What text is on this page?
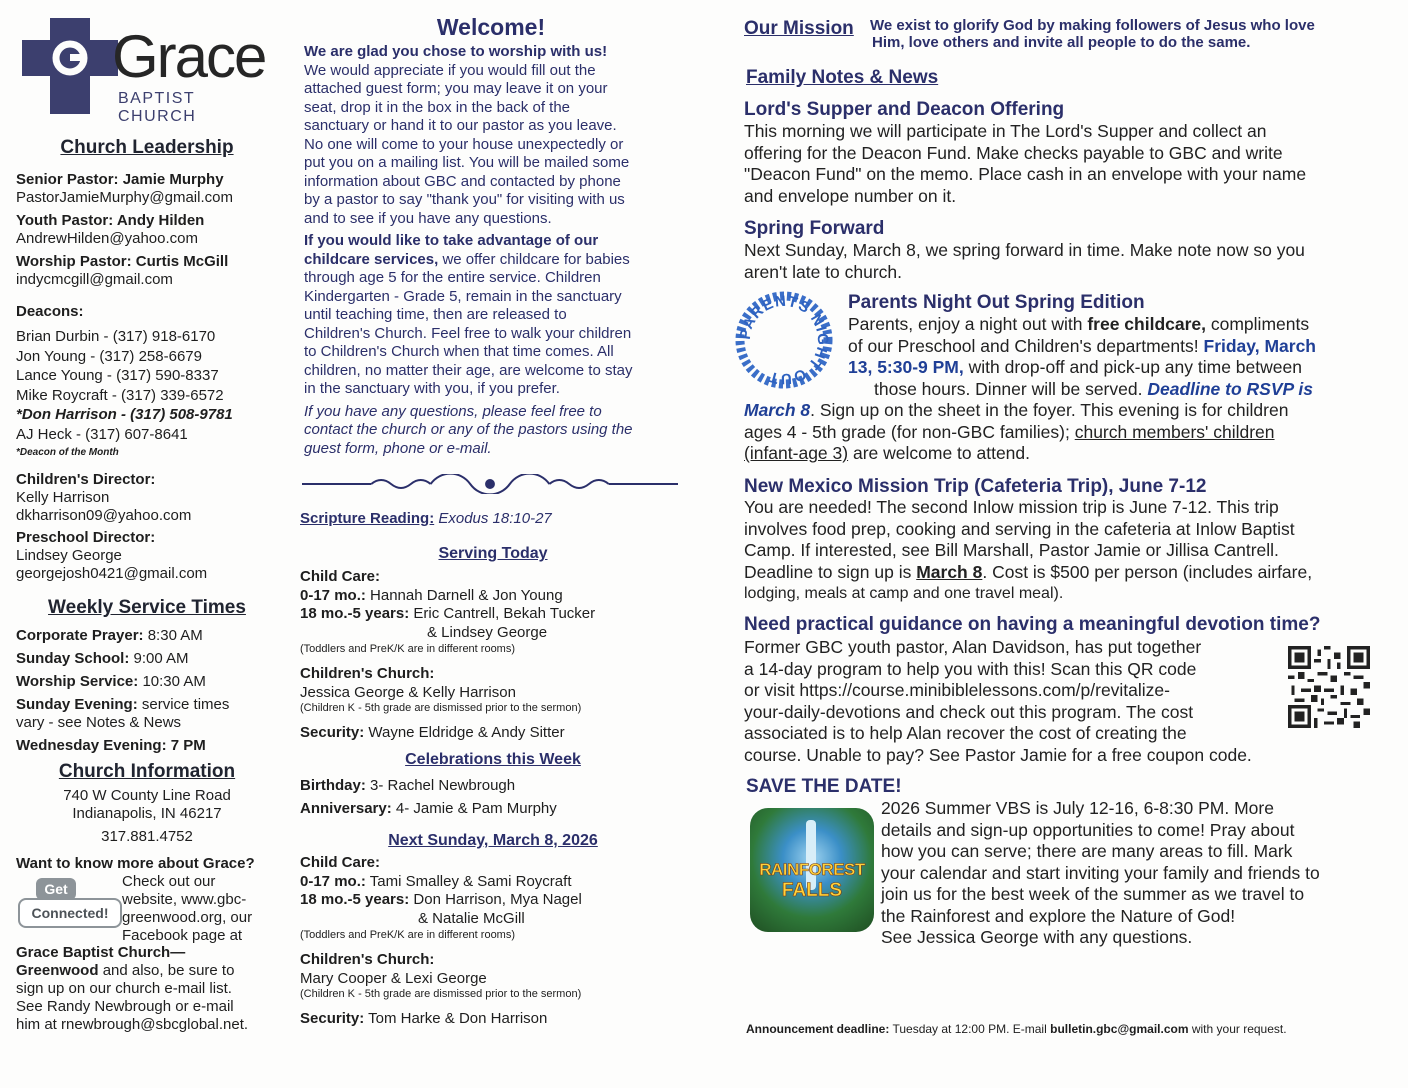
Grace
BAPTIST CHURCH
Church Leadership

Senior Pastor: Jamie Murphy

PastorJamieMurphy@gmail.com

Youth Pastor: Andy Hilden

AndrewHilden@yahoo.com

Worship Pastor: Curtis McGill

indycmcgill@gmail.com

Deacons:

Brian Durbin - (317) 918-6170

Jon Young - (317) 258-6679

Lance Young - (317) 590-8337

Mike Roycraft - (317) 339-6572

*Don Harrison - (317) 508-9781

AJ Heck - (317) 607-8641

*Deacon of the Month

Children's Director:

Kelly Harrison

dkharrison09@yahoo.com

Preschool Director:

Lindsey George

georgejosh0421@gmail.com

Weekly Service Times

Corporate Prayer: 8:30 AM

Sunday School: 9:00 AM

Worship Service: 10:30 AM

Sunday Evening: service times

vary - see Notes & News

Wednesday Evening: 7 PM

Church Information

740 W County Line Road

Indianapolis, IN 46217

317.881.4752

Want to know more about Grace?

Get
Connected!

Check out our

website, www.gbc-

greenwood.org, our

Facebook page at

Grace Baptist Church—

Greenwood and also, be sure to

sign up on our church e-mail list.

See Randy Newbrough or e-mail

him at rnewbrough@sbcglobal.net.

Welcome!

We are glad you chose to worship with us!

We would appreciate if you would fill out the

attached guest form; you may leave it on your

seat, drop it in the box in the back of the

sanctuary or hand it to our pastor as you leave.

No one will come to your house unexpectedly or

put you on a mailing list. You will be mailed some

information about GBC and contacted by phone

by a pastor to say "thank you" for visiting with us

and to see if you have any questions.

If you would like to take advantage of our

childcare services, we offer childcare for babies

through age 5 for the entire service. Children

Kindergarten - Grade 5, remain in the sanctuary

until teaching time, then are released to

Children's Church. Feel free to walk your children

to Children's Church when that time comes. All

children, no matter their age, are welcome to stay

in the sanctuary with you, if you prefer.

If you have any questions, please feel free to

contact the church or any of the pastors using the

guest form, phone or e-mail.

Scripture Reading: Exodus 18:10-27

Serving Today

Child Care:

0-17 mo.: Hannah Darnell & Jon Young

18 mo.-5 years: Eric Cantrell, Bekah Tucker

& Lindsey George

(Toddlers and PreK/K are in different rooms)

Children's Church:

Jessica George & Kelly Harrison

(Children K - 5th grade are dismissed prior to the sermon)

Security: Wayne Eldridge & Andy Sitter

Celebrations this Week

Birthday: 3- Rachel Newbrough

Anniversary: 4- Jamie & Pam Murphy

Next Sunday, March 8, 2026

Child Care:

0-17 mo.: Tami Smalley & Sami Roycraft

18 mo.-5 years: Don Harrison, Mya Nagel

& Natalie McGill

(Toddlers and PreK/K are in different rooms)

Children's Church:

Mary Cooper & Lexi George

(Children K - 5th grade are dismissed prior to the sermon)

Security: Tom Harke & Don Harrison

Our Mission We exist to glorify God by making followers of Jesus who love

Him, love others and invite all people to do the same.

Family Notes & News
Lord's Supper and Deacon Offering

This morning we will participate in The Lord's Supper and collect an

offering for the Deacon Fund. Make checks payable to GBC and write

"Deacon Fund" on the memo. Place cash in an envelope with your name

and envelope number on it.

Spring Forward

Next Sunday, March 8, we spring forward in time. Make note now so you

aren't late to church.

PARENTS NIGHT OUT
Parents Night Out Spring Edition

Parents, enjoy a night out with free childcare, compliments

of our Preschool and Children's departments! Friday, March

13, 5:30-9 PM, with drop-off and pick-up any time between

those hours. Dinner will be served. Deadline to RSVP is

March 8. Sign up on the sheet in the foyer. This evening is for children

ages 4 - 5th grade (for non-GBC families); church members' children

(infant-age 3) are welcome to attend.

New Mexico Mission Trip (Cafeteria Trip), June 7-12

You are needed! The second Inlow mission trip is June 7-12. This trip

involves food prep, cooking and serving in the cafeteria at Inlow Baptist

Camp. If interested, see Bill Marshall, Pastor Jamie or Jillisa Cantrell.

Deadline to sign up is March 8. Cost is $500 per person (includes airfare,

lodging, meals at camp and one travel meal).

Need practical guidance on having a meaningful devotion time?

Former GBC youth pastor, Alan Davidson, has put together

a 14-day program to help you with this! Scan this QR code

or visit https://course.minibiblelessons.com/p/revitalize-

your-daily-devotions and check out this program. The cost

associated is to help Alan recover the cost of creating the

course. Unable to pay? See Pastor Jamie for a free coupon code.

SAVE THE DATE!
RAINFOREST
FALLS

2026 Summer VBS is July 12-16, 6-8:30 PM. More

details and sign-up opportunities to come! Pray about

how you can serve; there are many areas to fill. Mark

your calendar and start inviting your family and friends to

join us for the best week of the summer as we travel to

the Rainforest and explore the Nature of God!

See Jessica George with any questions.

Announcement deadline: Tuesday at 12:00 PM. E-mail bulletin.gbc@gmail.com with your request.
